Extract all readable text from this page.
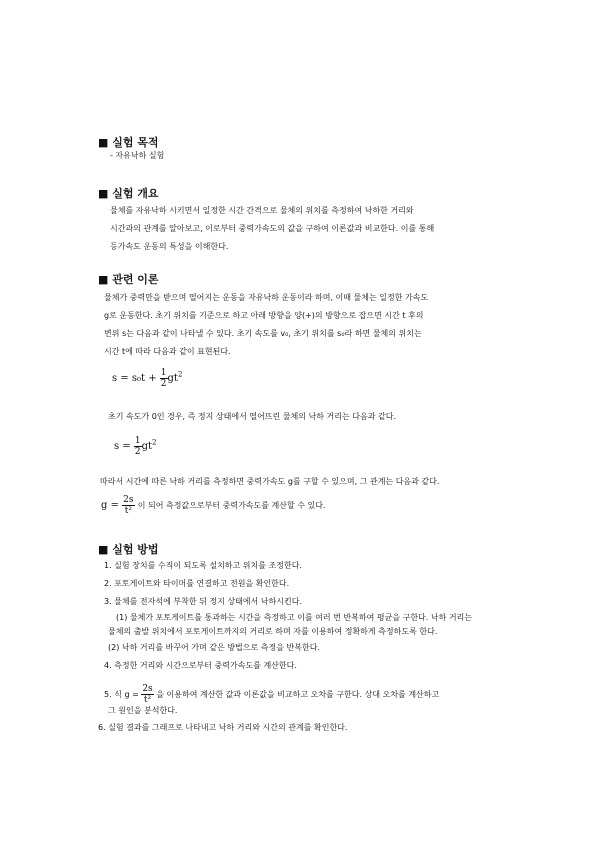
■ 실험 목적
- 자유낙하 실험
■ 실험 개요
물체를 자유낙하 시키면서 일정한 시간 간격으로 물체의 위치를 측정하여 낙하한 거리와
시간과의 관계를 알아보고, 이로부터 중력가속도의 값을 구하여 이론값과 비교한다. 이를 통해
등가속도 운동의 특성을 이해한다.
■ 관련 이론
물체가 중력만을 받으며 떨어지는 운동을 자유낙하 운동이라 하며, 이때 물체는 일정한 가속도
g로 운동한다. 초기 위치를 기준으로 하고 아래 방향을 양(+)의 방향으로 잡으면 시간 t 후의
변위 s는 다음과 같이 나타낼 수 있다. 초기 속도를 v₀, 초기 위치를 s₀라 하면 물체의 위치는
시간 t에 따라 다음과 같이 표현된다.
$s = s_0t + \frac{1}{2} gt^2$
초기 속도가 0인 경우, 즉 정지 상태에서 떨어뜨린 물체의 낙하 거리는 다음과 같다.
$s = \frac{1}{2} gt^2$
따라서 시간에 따른 낙하 거리를 측정하면 중력가속도 g를 구할 수 있으며, 그 관계는 다음과 같다.
$g = \frac{2s}{\text{t²}}$ 이 되어 측정값으로부터 중력가속도를 계산할 수 있다.
■ 실험 방법
1. 실험 장치를 수직이 되도록 설치하고 위치를 조정한다.
2. 포토게이트와 타이머를 연결하고 전원을 확인한다.
3. 물체를 전자석에 부착한 뒤 정지 상태에서 낙하시킨다.
(1) 물체가 포토게이트를 통과하는 시간을 측정하고 이를 여러 번 반복하여 평균을 구한다. 낙하 거리는
물체의 출발 위치에서 포토게이트까지의 거리로 하며 자를 이용하여 정확하게 측정하도록 한다.
(2) 낙하 거리를 바꾸어 가며 같은 방법으로 측정을 반복한다.
4. 측정한 거리와 시간으로부터 중력가속도를 계산한다.
5. 식 $g = \frac{2s}{\text{t²}}$ 을 이용하여 계산한 값과 이론값을 비교하고 오차를 구한다. 상대 오차를 계산하고
그 원인을 분석한다.
6. 실험 결과를 그래프로 나타내고 낙하 거리와 시간의 관계를 확인한다.
